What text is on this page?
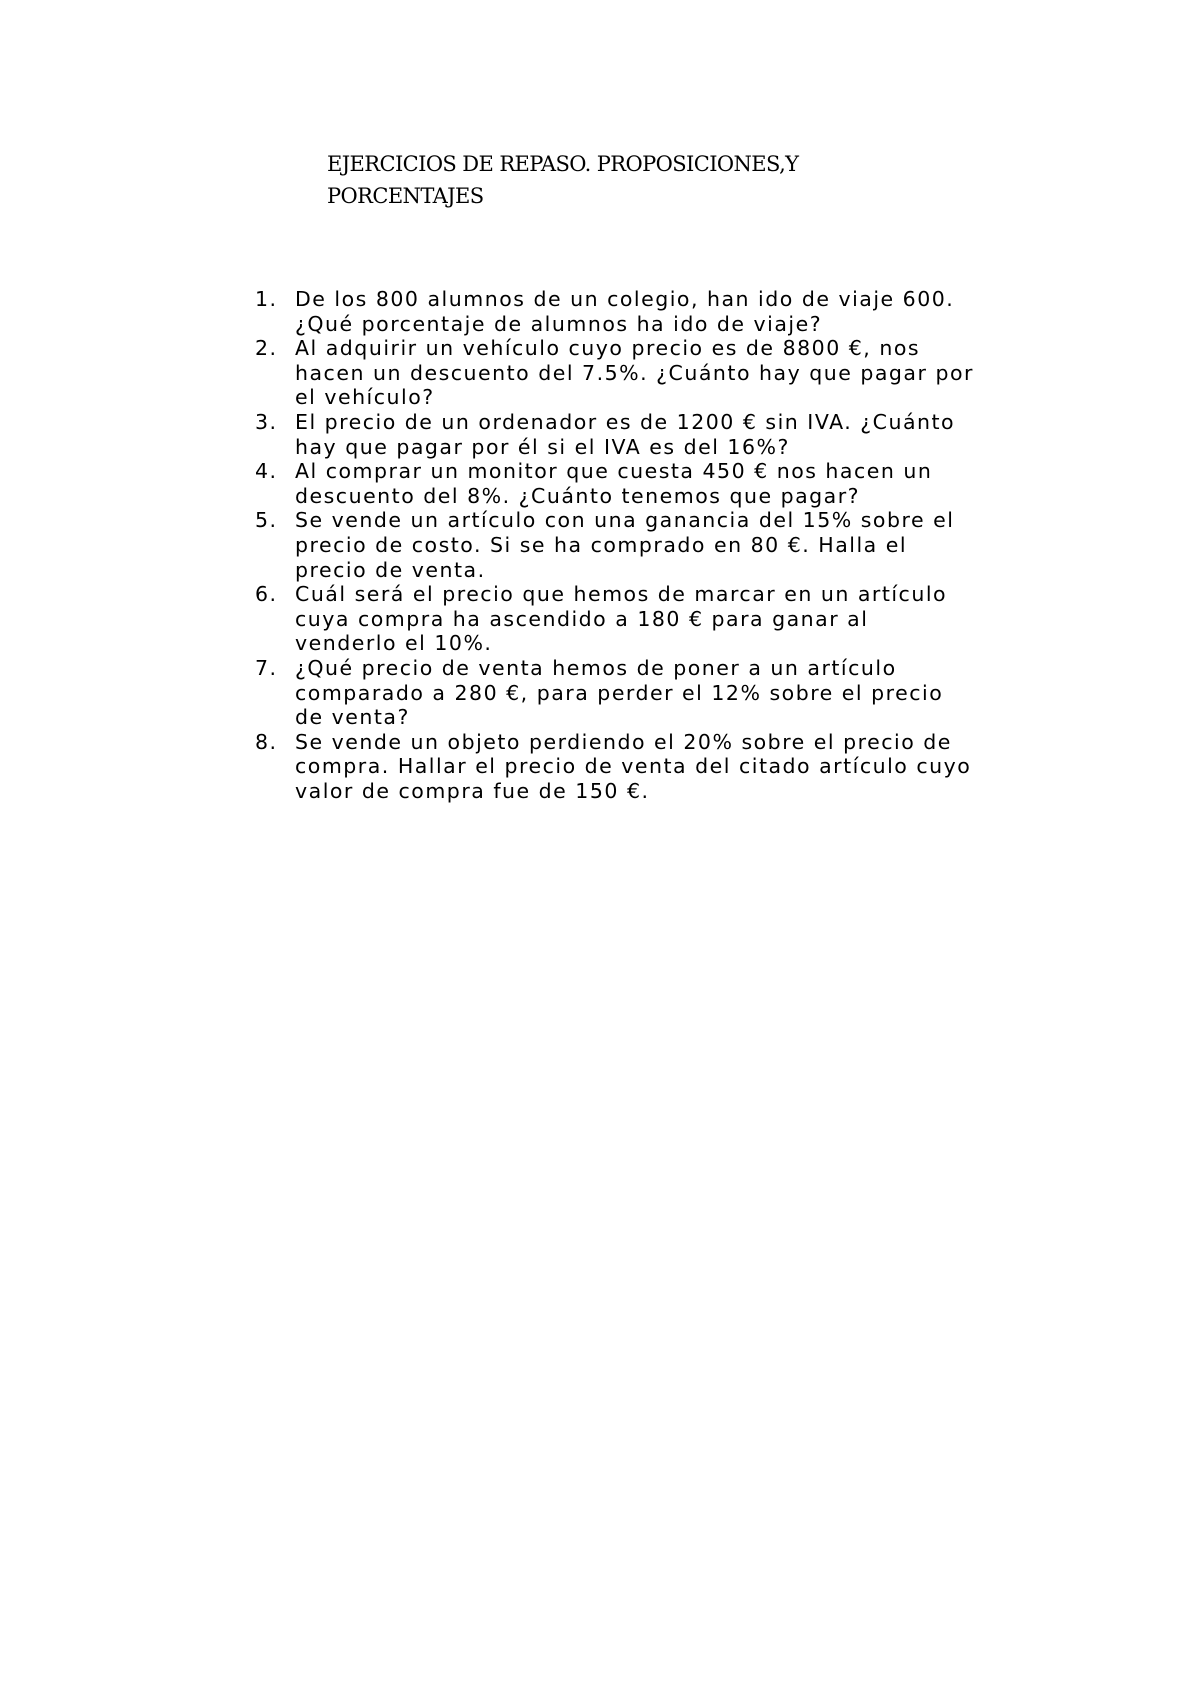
EJERCICIOS DE REPASO. PROPOSICIONES,Y
PORCENTAJES
1. De los 800 alumnos de un colegio, han ido de viaje 600. ¿Qué porcentaje de alumnos ha ido de viaje?
2. Al adquirir un vehículo cuyo precio es de 8800 €, nos hacen un descuento del 7.5%. ¿Cuánto hay que pagar por el vehículo?
3. El precio de un ordenador es de 1200 € sin IVA. ¿Cuánto hay que pagar por él si el IVA es del 16%?
4. Al comprar un monitor que cuesta 450 € nos hacen un descuento del 8%. ¿Cuánto tenemos que pagar?
5. Se vende un artículo con una ganancia del 15% sobre el precio de costo. Si se ha comprado en 80 €. Halla el precio de venta.
6. Cuál será el precio que hemos de marcar en un artículo cuya compra ha ascendido a 180 € para ganar al venderlo el 10%.
7. ¿Qué precio de venta hemos de poner a un artículo comparado a 280 €, para perder el 12% sobre el precio de venta?
8. Se vende un objeto perdiendo el 20% sobre el precio de compra. Hallar el precio de venta del citado artículo cuyo valor de compra fue de 150 €.
